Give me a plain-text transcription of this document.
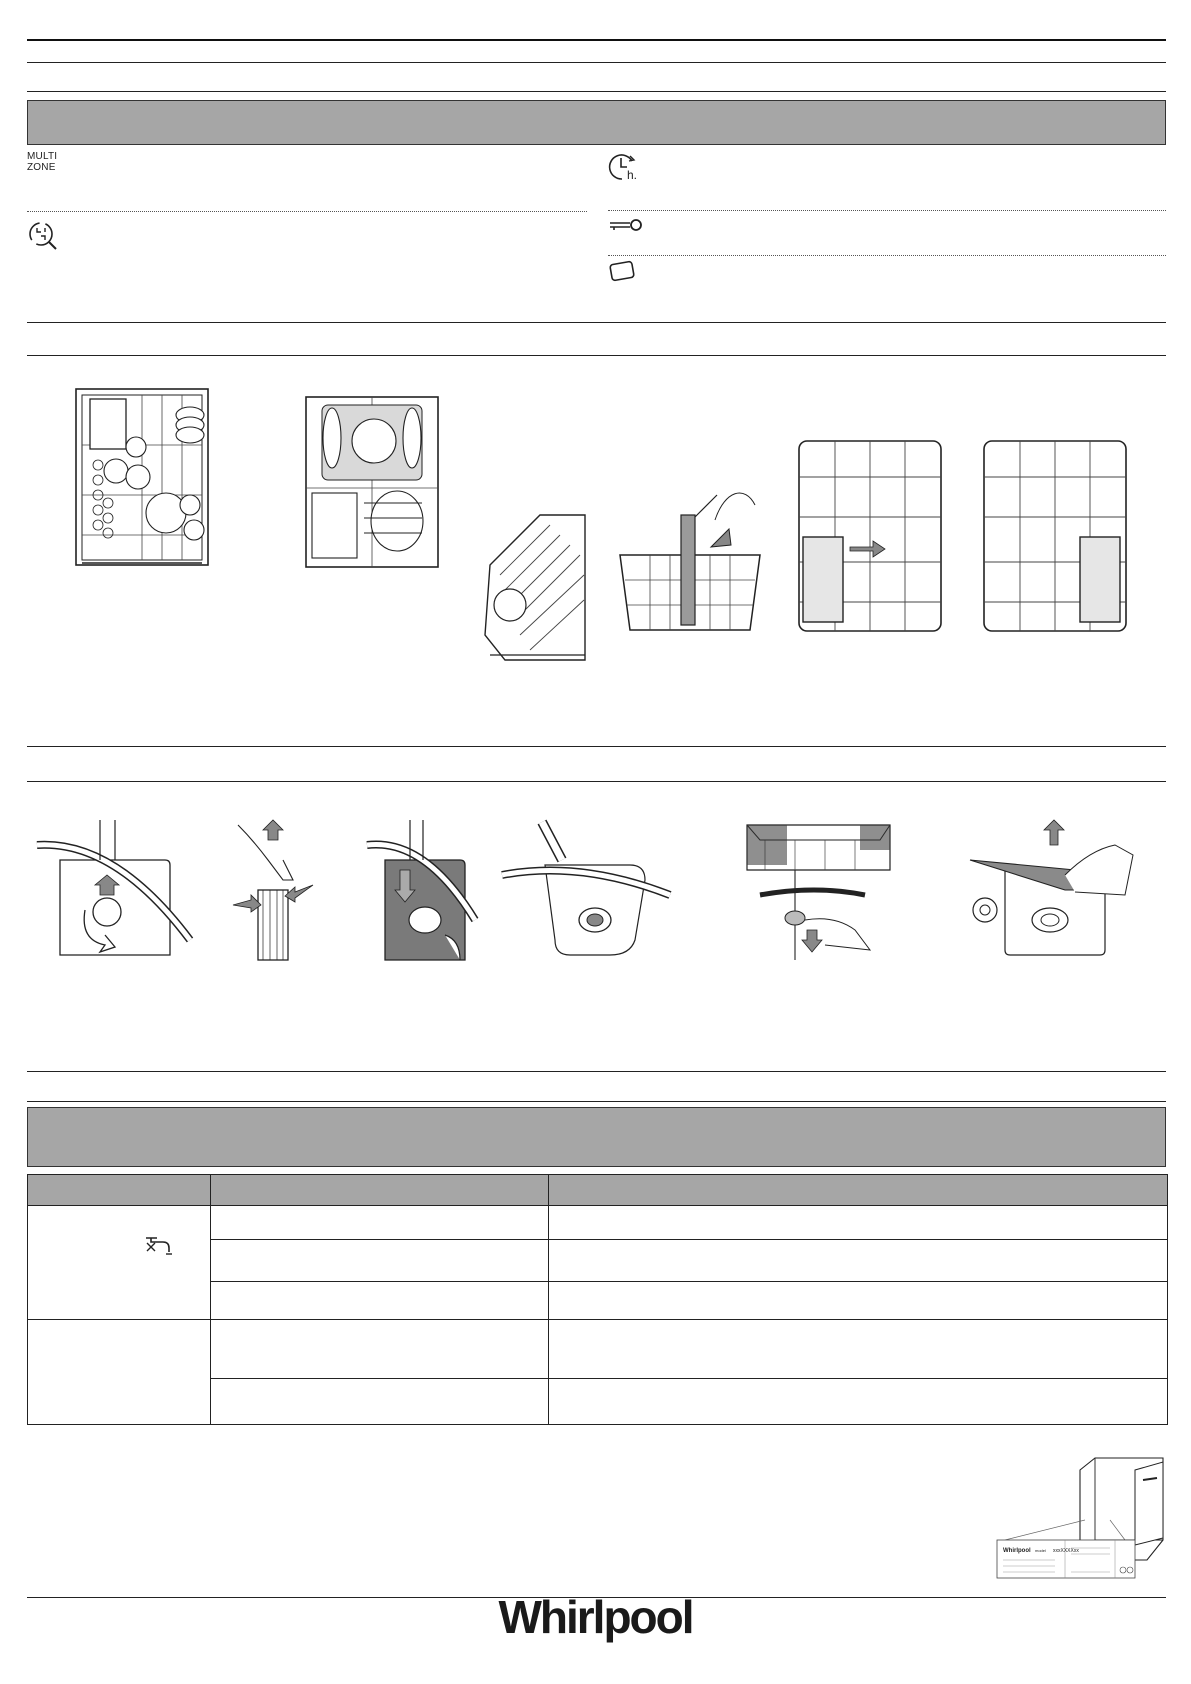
MULTI
ZONE
h.

Whirlpool model xxxXXXXxx
Whirlpool
